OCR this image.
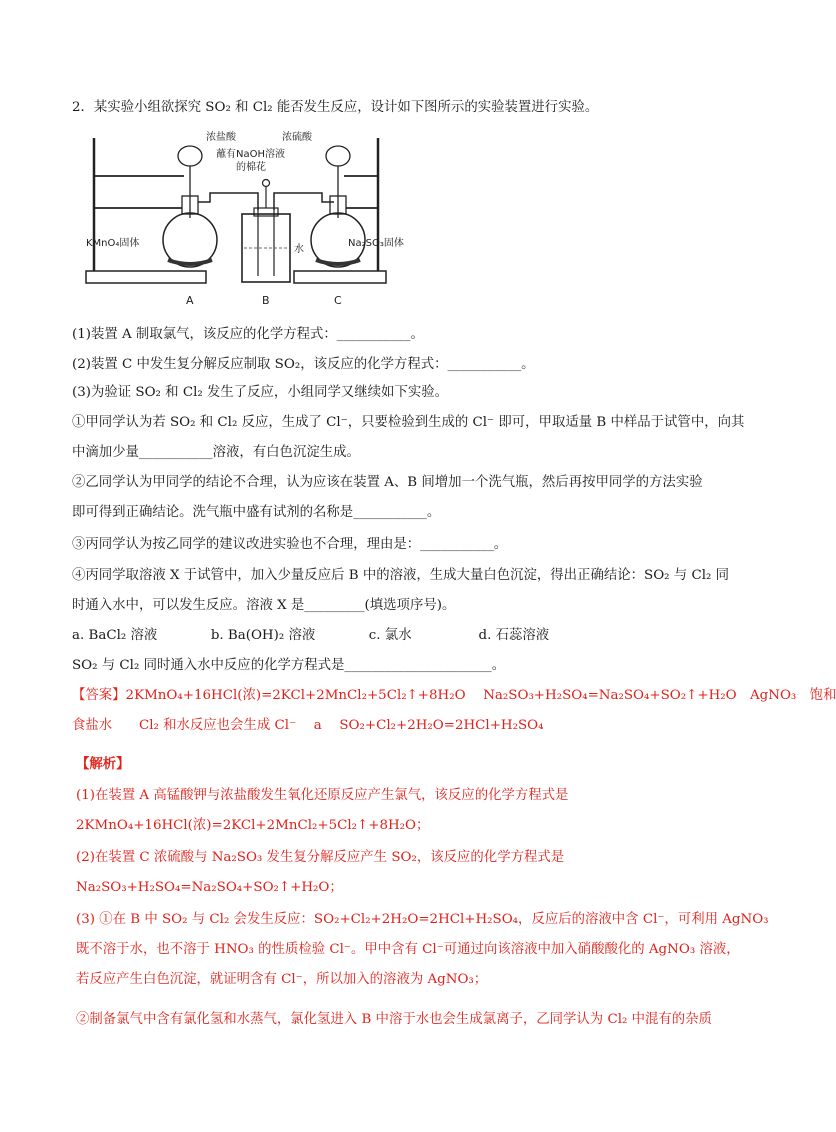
2．某实验小组欲探究 SO₂ 和 Cl₂ 能否发生反应，设计如下图所示的实验装置进行实验。
浓盐酸	浓硫酸
蘸有NaOH溶液
的棉花
KMnO₄固体	Na₂SO₃固体
水
A	B	C
(1)装置 A 制取氯气，该反应的化学方程式：___________。
(2)装置 C 中发生复分解反应制取 SO₂，该反应的化学方程式：___________。
(3)为验证 SO₂ 和 Cl₂ 发生了反应，小组同学又继续如下实验。
①甲同学认为若 SO₂ 和 Cl₂ 反应，生成了 Cl⁻，只要检验到生成的 Cl⁻ 即可，甲取适量 B 中样品于试管中，向其
中滴加少量___________溶液，有白色沉淀生成。
②乙同学认为甲同学的结论不合理，认为应该在装置 A、B 间增加一个洗气瓶，然后再按甲同学的方法实验
即可得到正确结论。洗气瓶中盛有试剂的名称是___________。
③丙同学认为按乙同学的建议改进实验也不合理，理由是：___________。
④丙同学取溶液 X 于试管中，加入少量反应后 B 中的溶液，生成大量白色沉淀，得出正确结论：SO₂ 与 Cl₂ 同
时通入水中，可以发生反应。溶液 X 是_________(填选项序号)。
a. BaCl₂ 溶液　　　　b. Ba(OH)₂ 溶液　　　　c. 氯水　　　　　d. 石蕊溶液
SO₂ 与 Cl₂ 同时通入水中反应的化学方程式是______________________。
【答案】2KMnO₄+16HCl(浓)=2KCl+2MnCl₂+5Cl₂↑+8H₂O　 Na₂SO₃+H₂SO₄=Na₂SO₄+SO₂↑+H₂O　AgNO₃　饱和
食盐水　　Cl₂ 和水反应也会生成 Cl⁻　 a　 SO₂+Cl₂+2H₂O=2HCl+H₂SO₄
【解析】
(1)在装置 A 高锰酸钾与浓盐酸发生氧化还原反应产生氯气，该反应的化学方程式是
2KMnO₄+16HCl(浓)=2KCl+2MnCl₂+5Cl₂↑+8H₂O；
(2)在装置 C 浓硫酸与 Na₂SO₃ 发生复分解反应产生 SO₂，该反应的化学方程式是
Na₂SO₃+H₂SO₄=Na₂SO₄+SO₂↑+H₂O；
(3) ①在 B 中 SO₂ 与 Cl₂ 会发生反应：SO₂+Cl₂+2H₂O=2HCl+H₂SO₄，反应后的溶液中含 Cl⁻，可利用 AgNO₃
既不溶于水，也不溶于 HNO₃ 的性质检验 Cl⁻。甲中含有 Cl⁻可通过向该溶液中加入硝酸酸化的 AgNO₃ 溶液，
若反应产生白色沉淀，就证明含有 Cl⁻，所以加入的溶液为 AgNO₃；
②制备氯气中含有氯化氢和水蒸气，氯化氢进入 B 中溶于水也会生成氯离子，乙同学认为 Cl₂ 中混有的杂质
